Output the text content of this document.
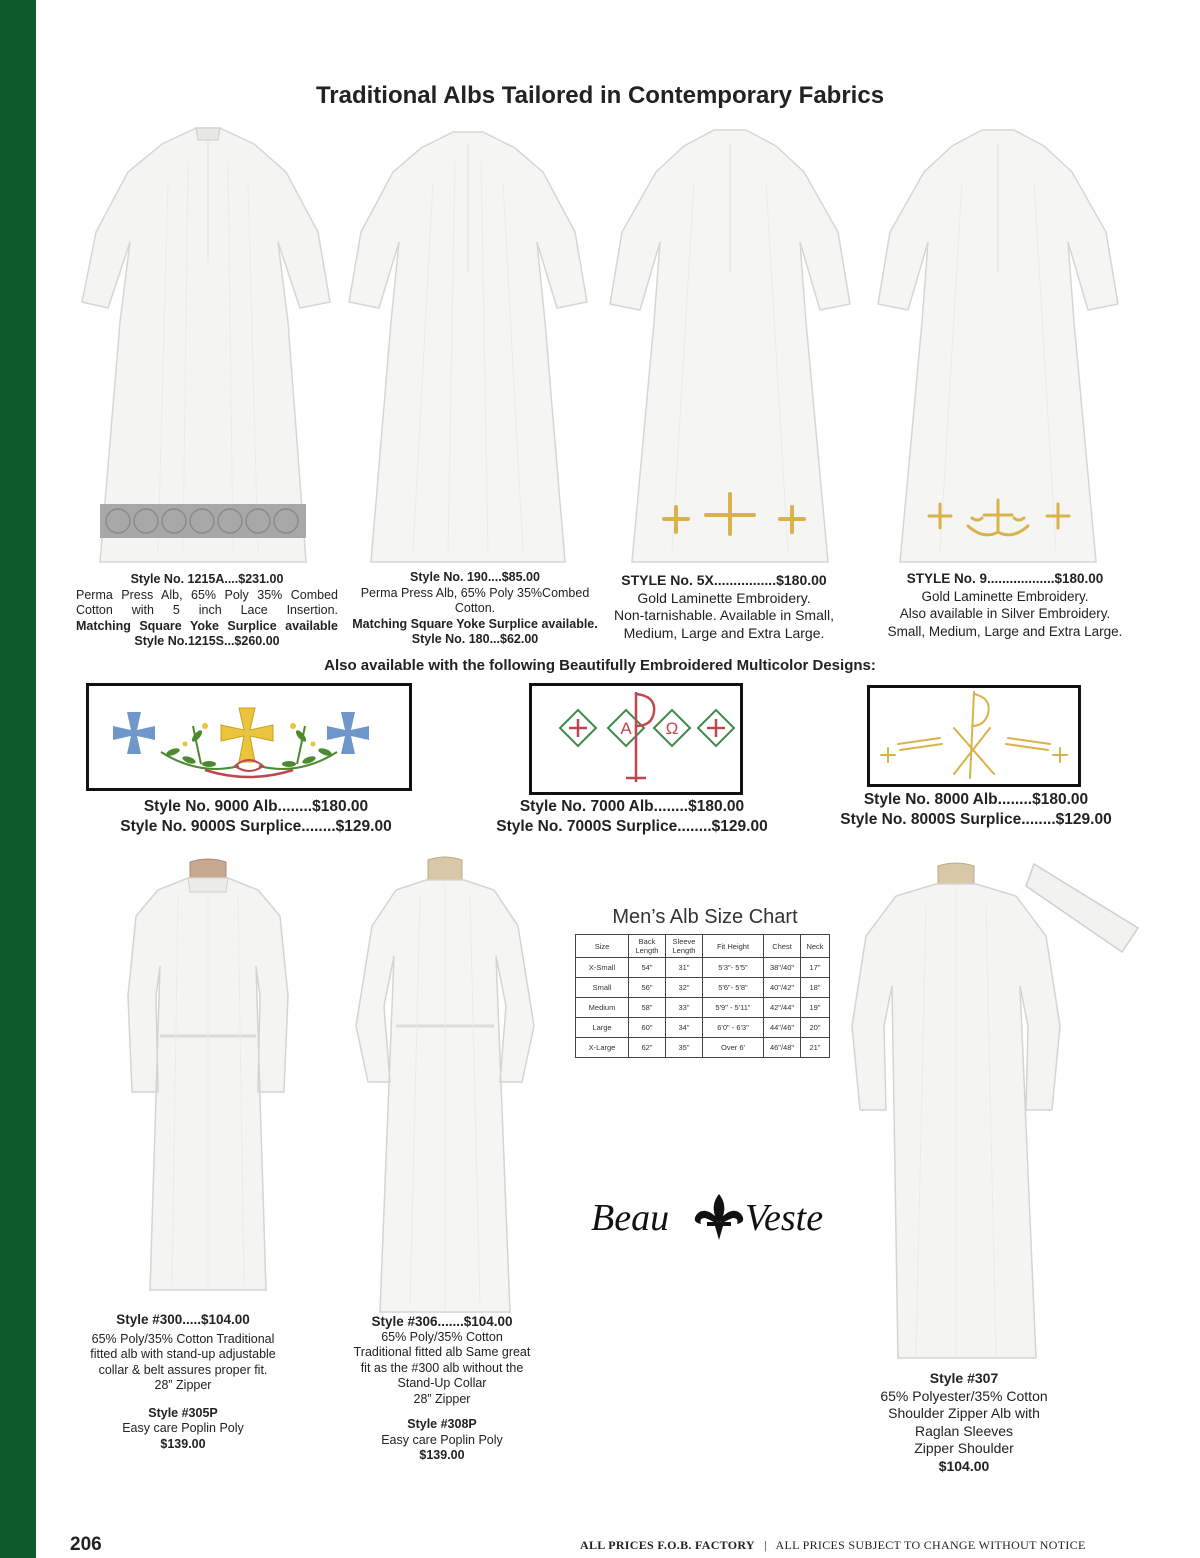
Traditional Albs Tailored in Contemporary Fabrics
Style No. 1215A....$231.00
Perma Press Alb, 65% Poly 35% Combed
Cotton with 5 inch Lace Insertion.
Matching Square Yoke Surplice available
Style No.1215S...$260.00
Style No. 190....$85.00
Perma Press Alb, 65% Poly 35%Combed
Cotton.
Matching Square Yoke Surplice available.
Style No. 180...$62.00
STYLE No. 5X................$180.00
Gold Laminette Embroidery.
Non-tarnishable. Available in Small,
Medium, Large and Extra Large.
STYLE No. 9..................$180.00
Gold Laminette Embroidery.
Also available in Silver Embroidery.
Small, Medium, Large and Extra Large.
Also available with the following Beautifully Embroidered Multicolor Designs:
A Ω
Style No. 9000 Alb........$180.00
Style No. 9000S Surplice........$129.00
Style No. 7000 Alb........$180.00
Style No. 7000S Surplice........$129.00
Style No. 8000 Alb........$180.00
Style No. 8000S Surplice........$129.00
Men’s Alb Size Chart
Size	Back Length	Sleeve Length	Fit Height	Chest	Neck
X-Small	54"	31"	5'3"- 5'5"	38"/40"	17"
Small	56"	32"	5'6"- 5'8"	40"/42"	18"
Medium	58"	33"	5'9" - 5'11"	42"/44"	19"
Large	60"	34"	6'0" - 6'3"	44"/46"	20"
X-Large	62"	35"	Over 6'	46"/48"	21"
Beau Veste
Style #300.....$104.00
65% Poly/35% Cotton Traditional
fitted alb with stand-up adjustable
collar & belt assures proper fit.
28” Zipper
Style #305P
Easy care Poplin Poly
$139.00
Style #306.......$104.00
65% Poly/35% Cotton
Traditional fitted alb Same great
fit as the #300 alb without the
Stand-Up Collar
28” Zipper
Style #308P
Easy care Poplin Poly
$139.00
Style #307
65% Polyester/35% Cotton
Shoulder Zipper Alb with
Raglan Sleeves
Zipper Shoulder
$104.00
206	ALL PRICES F.O.B. FACTORY | ALL PRICES SUBJECT TO CHANGE WITHOUT NOTICE
